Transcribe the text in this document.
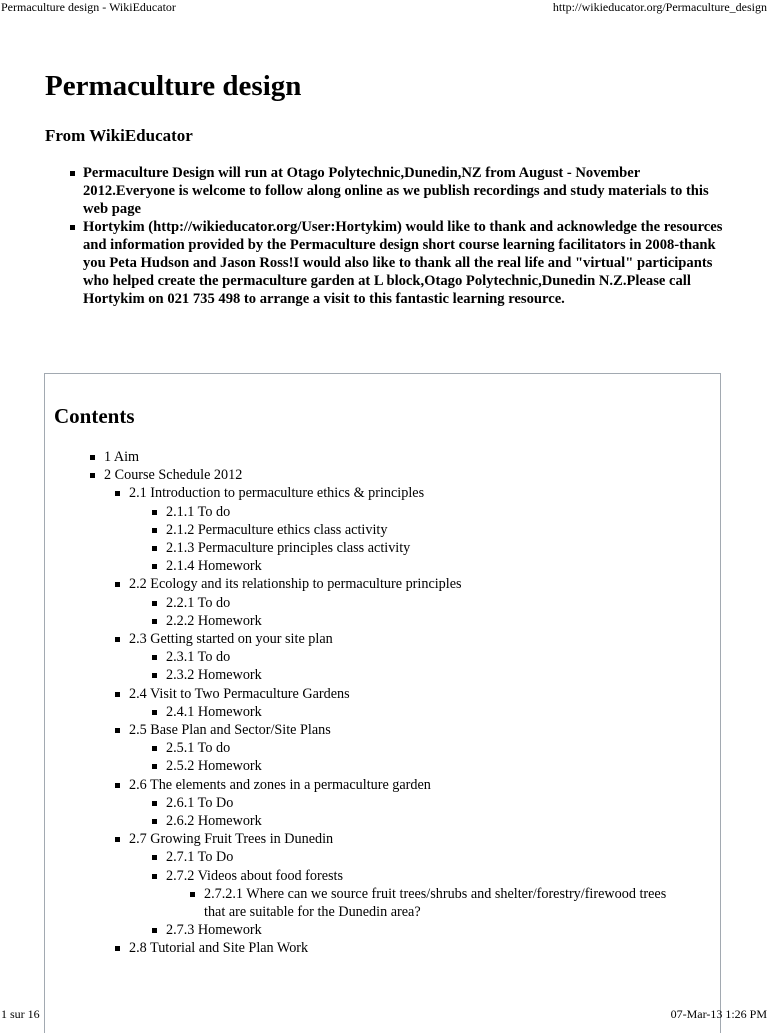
Permaculture design - WikiEducator	http://wikieducator.org/Permaculture_design
Permaculture design
From WikiEducator
Permaculture Design will run at Otago Polytechnic,Dunedin,NZ from August - November 2012.Everyone is welcome to follow along online as we publish recordings and study materials to this web page
Hortykim (http://wikieducator.org/User:Hortykim) would like to thank and acknowledge the resources and information provided by the Permaculture design short course learning facilitators in 2008-thank you Peta Hudson and Jason Ross!I would also like to thank all the real life and "virtual" participants who helped create the permaculture garden at L block,Otago Polytechnic,Dunedin N.Z.Please call Hortykim on 021 735 498 to arrange a visit to this fantastic learning resource.
Contents
1 Aim
2 Course Schedule 2012
2.1 Introduction to permaculture ethics & principles
2.1.1 To do
2.1.2 Permaculture ethics class activity
2.1.3 Permaculture principles class activity
2.1.4 Homework
2.2 Ecology and its relationship to permaculture principles
2.2.1 To do
2.2.2 Homework
2.3 Getting started on your site plan
2.3.1 To do
2.3.2 Homework
2.4 Visit to Two Permaculture Gardens
2.4.1 Homework
2.5 Base Plan and Sector/Site Plans
2.5.1 To do
2.5.2 Homework
2.6 The elements and zones in a permaculture garden
2.6.1 To Do
2.6.2 Homework
2.7 Growing Fruit Trees in Dunedin
2.7.1 To Do
2.7.2 Videos about food forests
2.7.2.1 Where can we source fruit trees/shrubs and shelter/forestry/firewood trees
that are suitable for the Dunedin area?
2.7.3 Homework
2.8 Tutorial and Site Plan Work
1 sur 16	07-Mar-13 1:26 PM
